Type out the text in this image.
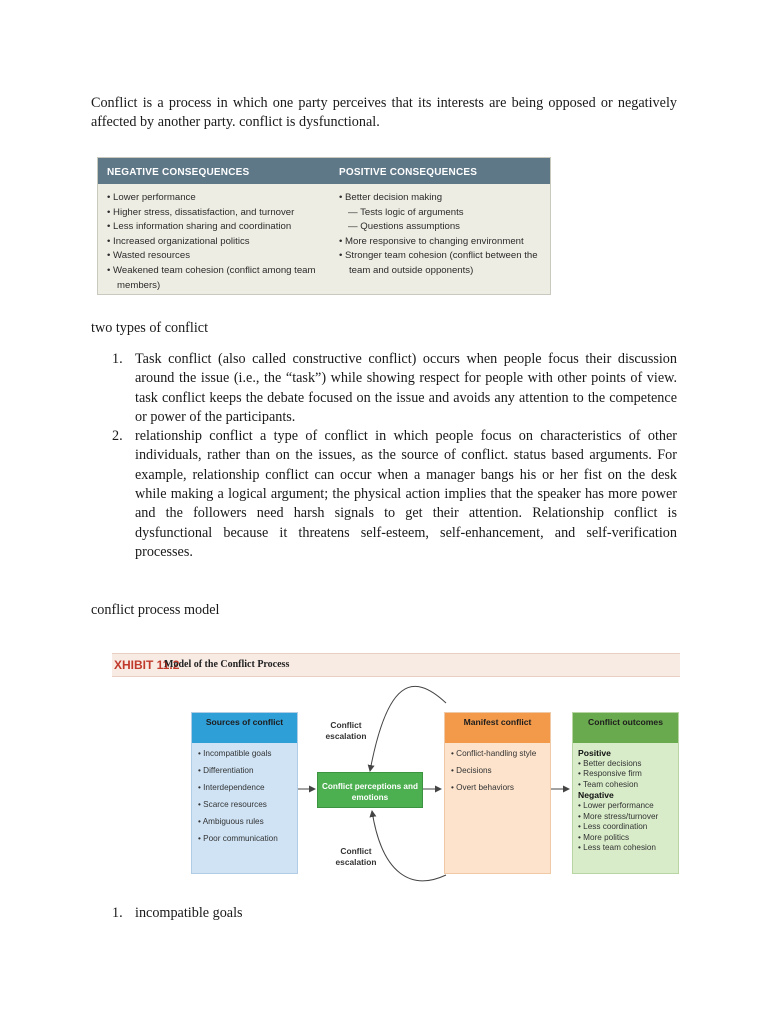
Conflict is a process in which one party perceives that its interests are being opposed or negatively affected by another party. conflict is dysfunctional.
NEGATIVE CONSEQUENCES	POSITIVE CONSEQUENCES
• Lower performance
• Higher stress, dissatisfaction, and turnover
• Less information sharing and coordination
• Increased organizational politics
• Wasted resources
• Weakened team cohesion (conflict among team members)
• Better decision making
— Tests logic of arguments
— Questions assumptions
• More responsive to changing environment
• Stronger team cohesion (conflict between the team and outside opponents)
two types of conflict
1. Task conflict (also called constructive conflict) occurs when people focus their discussion around the issue (i.e., the “task”) while showing respect for people with other points of view. task conflict keeps the debate focused on the issue and avoids any attention to the competence or power of the participants.
2. relationship conflict a type of conflict in which people focus on characteristics of other individuals, rather than on the issues, as the source of conflict. status based arguments. For example, relationship conflict can occur when a manager bangs his or her fist on the desk while making a logical argument; the physical action implies that the speaker has more power and the followers need harsh signals to get their attention. Relationship conflict is dysfunctional because it threatens self-esteem, self-enhancement, and self-verification processes.
conflict process model
XHIBIT 11.2
Model of the Conflict Process
Sources of conflict
• Incompatible goals
• Differentiation
• Interdependence
• Scarce resources
• Ambiguous rules
• Poor communication
Conflict escalation
Conflict escalation
Conflict perceptions and emotions
Manifest conflict
• Conflict-handling style
• Decisions
• Overt behaviors
Conflict outcomes
Positive
• Better decisions
• Responsive firm
• Team cohesion
Negative
• Lower performance
• More stress/turnover
• Less coordination
• More politics
• Less team cohesion
1. incompatible goals
